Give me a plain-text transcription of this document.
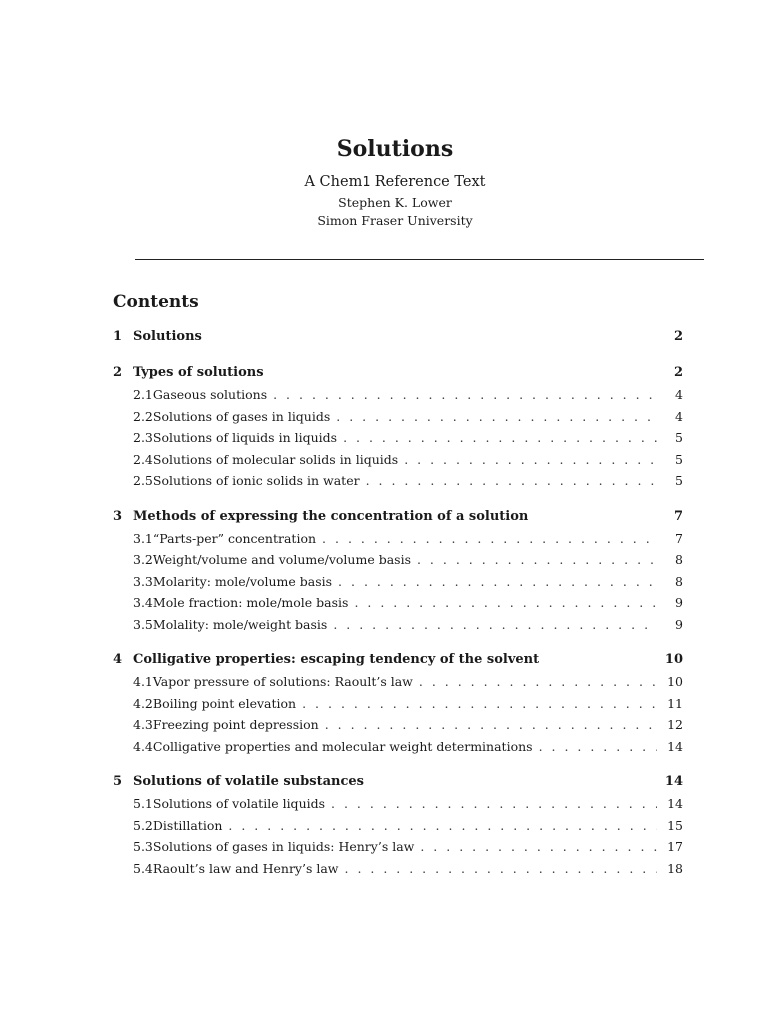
Solutions
A Chem1 Reference Text
Stephen K. Lower
Simon Fraser University
Contents
1 Solutions	2
2 Types of solutions	2
2.1 Gaseous solutions . . .	4
2.2 Solutions of gases in liquids . . .	4
2.3 Solutions of liquids in liquids . . .	5
2.4 Solutions of molecular solids in liquids . . .	5
2.5 Solutions of ionic solids in water . . .	5
3 Methods of expressing the concentration of a solution	7
3.1 “Parts-per” concentration . . .	7
3.2 Weight/volume and volume/volume basis . . .	8
3.3 Molarity: mole/volume basis . . .	8
3.4 Mole fraction: mole/mole basis . . .	9
3.5 Molality: mole/weight basis . . .	9
4 Colligative properties: escaping tendency of the solvent	10
4.1 Vapor pressure of solutions: Raoult’s law . . .	10
4.2 Boiling point elevation . . .	11
4.3 Freezing point depression . . .	12
4.4 Colligative properties and molecular weight determinations . . .	14
5 Solutions of volatile substances	14
5.1 Solutions of volatile liquids . . .	14
5.2 Distillation . . .	15
5.3 Solutions of gases in liquids: Henry’s law . . .	17
5.4 Raoult’s law and Henry’s law . . .	18
